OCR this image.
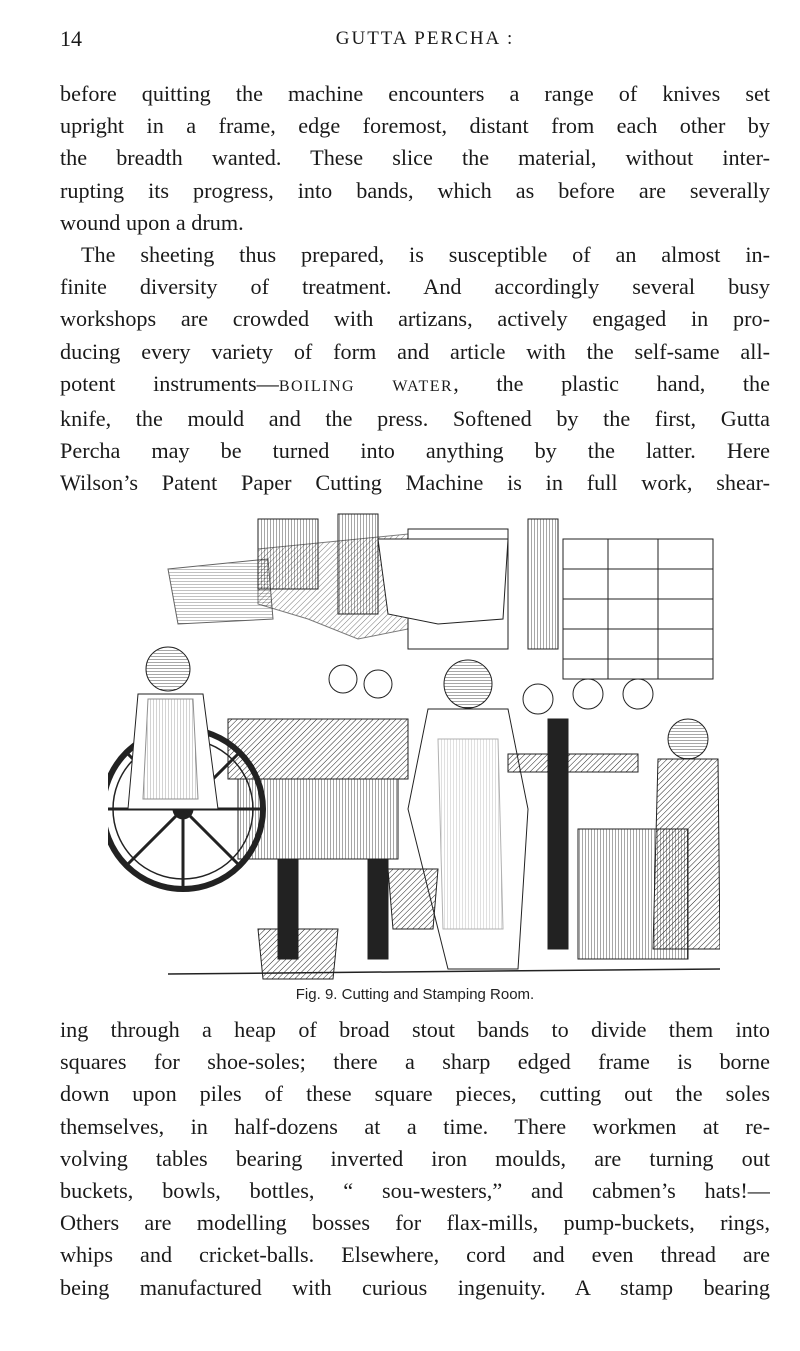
14	GUTTA PERCHA :

before quitting the machine encounters a range of knives set
upright in a frame, edge foremost, distant from each other by
the breadth wanted. These slice the material, without inter-
rupting its progress, into bands, which as before are severally
wound upon a drum.

The sheeting thus prepared, is susceptible of an almost in-
finite diversity of treatment. And accordingly several busy
workshops are crowded with artizans, actively engaged in pro-
ducing every variety of form and article with the self-same all-
potent instruments—BOILING WATER, the plastic hand, the
knife, the mould and the press. Softened by the first, Gutta
Percha may be turned into anything by the latter. Here
Wilson’s Patent Paper Cutting Machine is in full work, shear-

Fig. 9. Cutting and Stamping Room.

ing through a heap of broad stout bands to divide them into
squares for shoe-soles; there a sharp edged frame is borne
down upon piles of these square pieces, cutting out the soles
themselves, in half-dozens at a time. There workmen at re-
volving tables bearing inverted iron moulds, are turning out
buckets, bowls, bottles, “ sou-westers,” and cabmen’s hats!—
Others are modelling bosses for flax-mills, pump-buckets, rings,
whips and cricket-balls. Elsewhere, cord and even thread are
being manufactured with curious ingenuity. A stamp bearing
